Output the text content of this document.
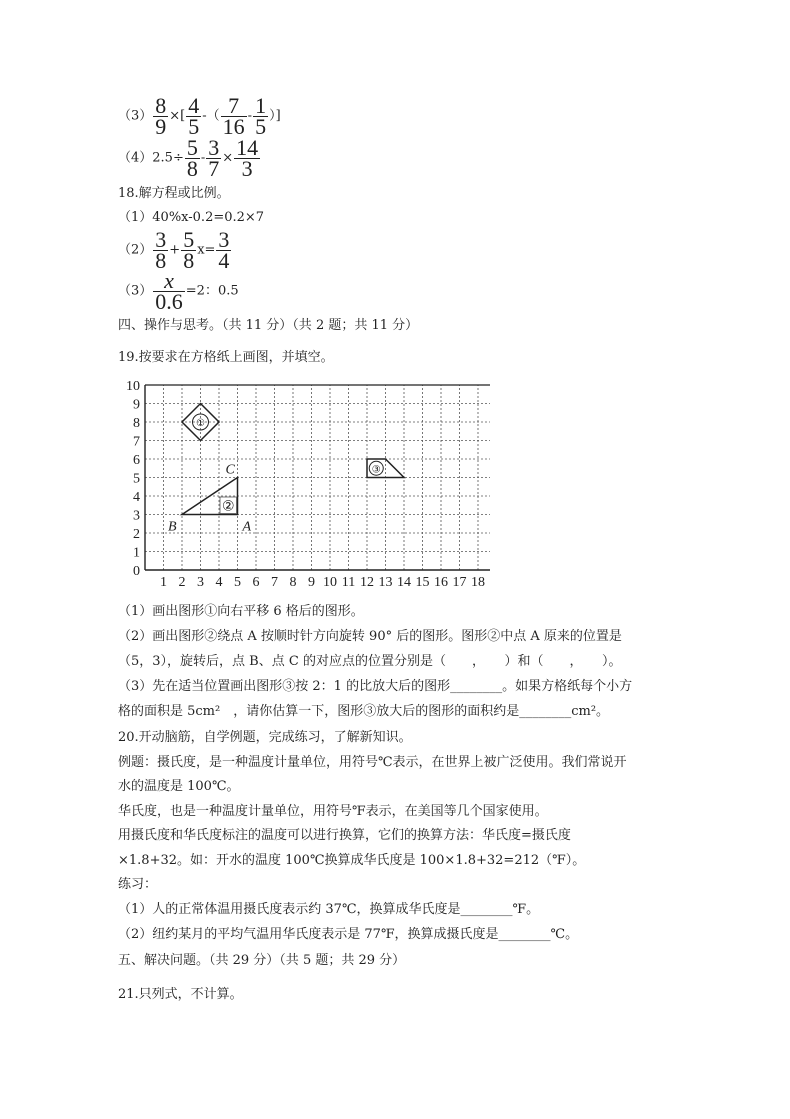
$(3) \frac{8}{9}$ ×[ $\frac{4}{5}$ -（ $\frac{7}{16} - \frac{1}{5}$ ）]
$(4)2.5\div \frac{5}{8} - \frac{3}{7} \times \frac{14}{3}$
18.解方程或比例。
（1）40%x-0.2=0.2×7
$(2) \frac{3}{8} + \frac{5}{8} x= \frac{3}{4}$
$(3) \frac{x}{0.6} =2$：0.5
四、操作与思考。（共 11 分）（共 2 题；共 11 分）
19.按要求在方格纸上画图，并填空。
1 2 3 4 5 6 7 8 9 10 11 12 13 14 15 16 17 18
0
1
2
3
4
5
6
7
8
9
10
①
②
A
B
C	③
（1）画出图形①向右平移 6 格后的图形。
（2）画出图形②绕点 A 按顺时针方向旋转 90° 后的图形。图形②中点 A 原来的位置是
（5，3），旋转后，点 B、点 C 的对应点的位置分别是（　　，　　）和（　　，　　）。
（3）先在适当位置画出图形③按 2：1 的比放大后的图形________。如果方格纸每个小方
格的面积是 5cm²　，请你估算一下，图形③放大后的图形的面积约是________cm²。
20.开动脑筋，自学例题，完成练习，了解新知识。
例题：摄氏度，是一种温度计量单位，用符号℃表示，在世界上被广泛使用。我们常说开
水的温度是 100℃。
华氏度，也是一种温度计量单位，用符号℉表示，在美国等几个国家使用。
用摄氏度和华氏度标注的温度可以进行换算，它们的换算方法：华氏度=摄氏度
×1.8+32。如：开水的温度 100℃换算成华氏度是 100×1.8+32=212（℉）。
练习：
（1）人的正常体温用摄氏度表示约 37℃，换算成华氏度是________℉。
（2）纽约某月的平均气温用华氏度表示是 77℉，换算成摄氏度是________℃。
五、解决问题。（共 29 分）（共 5 题；共 29 分）
21.只列式，不计算。
